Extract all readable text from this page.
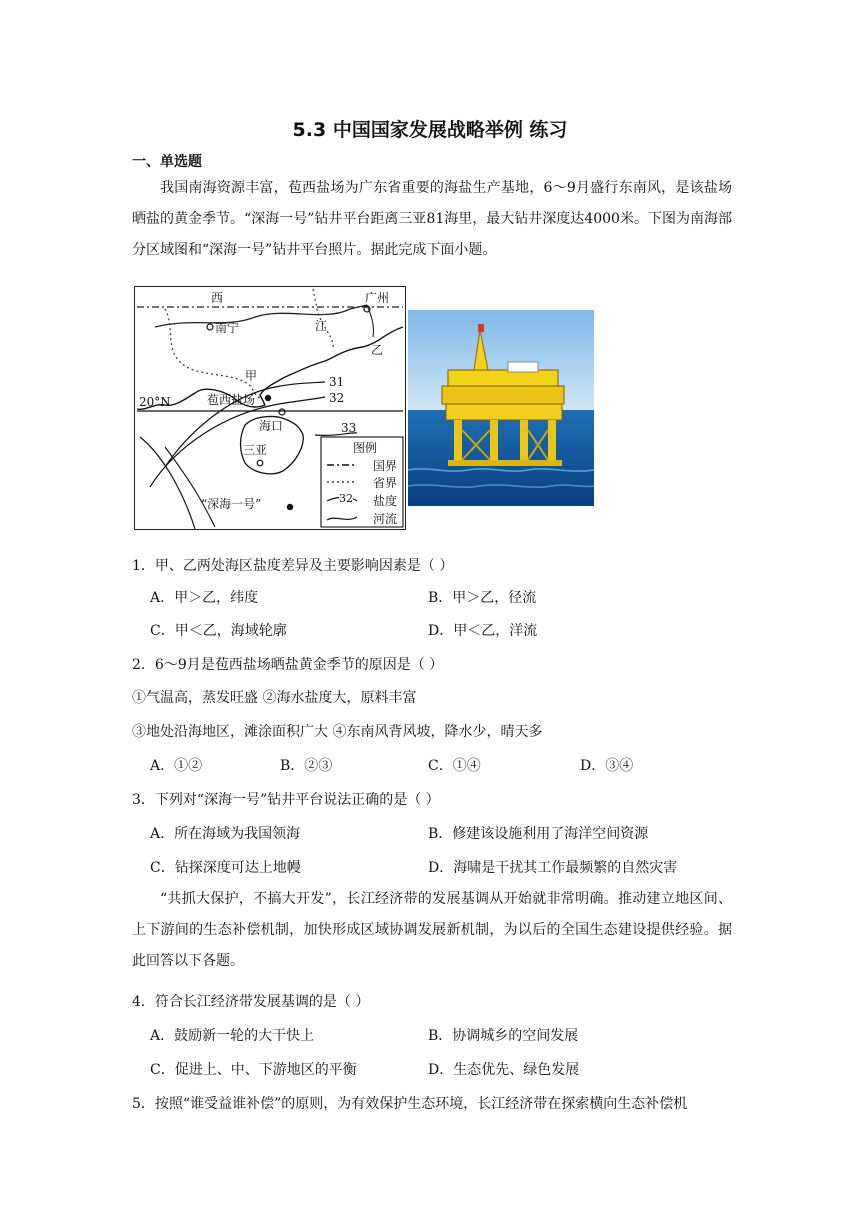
5.3 中国国家发展战略举例 练习
一、单选题
我国南海资源丰富，苞西盐场为广东省重要的海盐生产基地，6～9月盛行东南风，是该盐场晒盐的黄金季节。“深海一号”钻井平台距离三亚81海里，最大钻井深度达4000米。下图为南海部分区域图和“深海一号”钻井平台照片。据此完成下面小题。
西
江
广州
南宁
乙
甲
20°N	苞西盐场
31
32
海口	33
三亚
“深海一号”
图例
国界
省界
32 盐度
河流
1．甲、乙两处海区盐度差异及主要影响因素是（ ）
A．甲＞乙，纬度	B．甲＞乙，径流
C．甲＜乙，海域轮廓	D．甲＜乙，洋流
2．6～9月是苞西盐场晒盐黄金季节的原因是（ ）
①气温高，蒸发旺盛 ②海水盐度大，原料丰富
③地处沿海地区，滩涂面积广大 ④东南风背风坡，降水少，晴天多
A．①②	B．②③	C．①④	D．③④
3．下列对“深海一号”钻井平台说法正确的是（ ）
A．所在海域为我国领海	B．修建该设施利用了海洋空间资源
C．钻探深度可达上地幔	D．海啸是干扰其工作最频繁的自然灾害
“共抓大保护，不搞大开发”，长江经济带的发展基调从开始就非常明确。推动建立地区间、上下游间的生态补偿机制，加快形成区域协调发展新机制，为以后的全国生态建设提供经验。据此回答以下各题。
4．符合长江经济带发展基调的是（ ）
A．鼓励新一轮的大干快上	B．协调城乡的空间发展
C．促进上、中、下游地区的平衡	D．生态优先、绿色发展
5．按照“谁受益谁补偿”的原则，为有效保护生态环境，长江经济带在探索横向生态补偿机
